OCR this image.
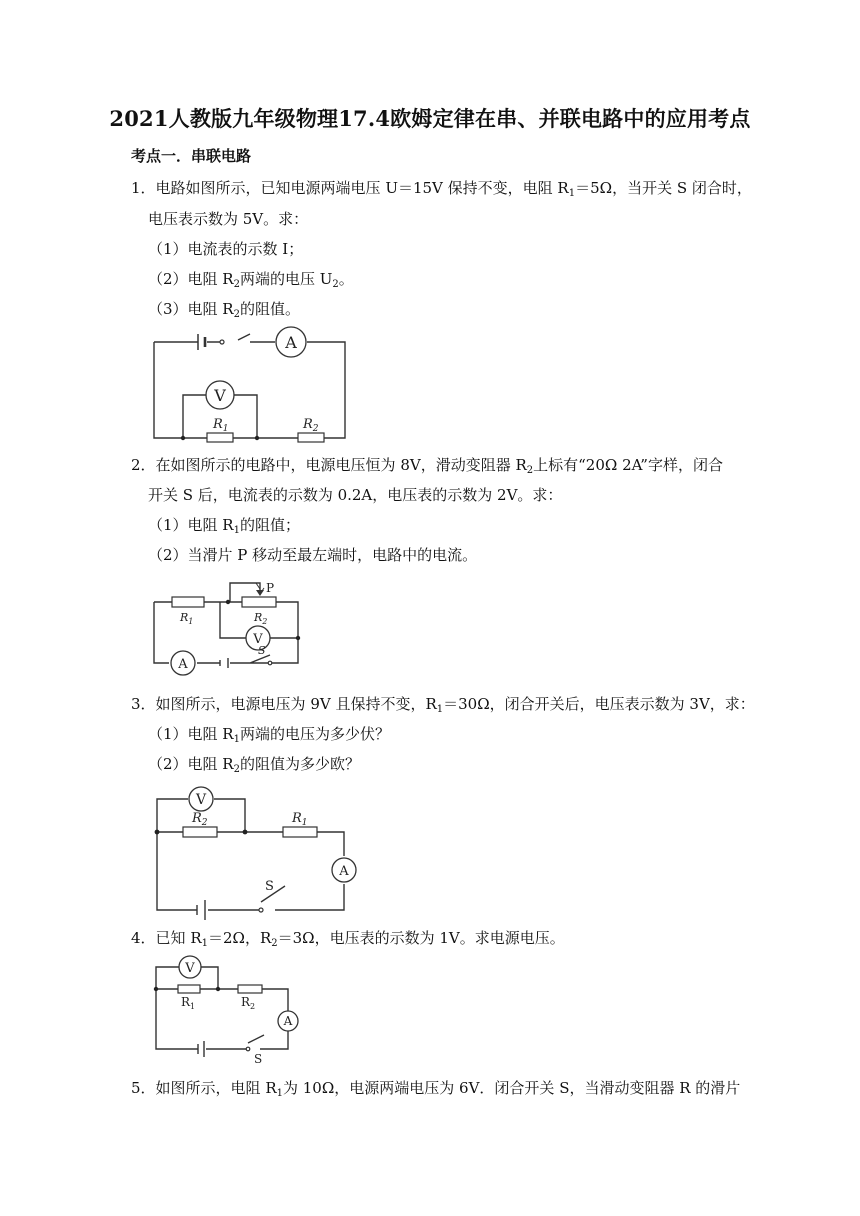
2021人教版九年级物理17.4欧姆定律在串、并联电路中的应用考点
考点一．串联电路
1．电路如图所示，已知电源两端电压 U＝15V 保持不变，电阻 $R_1=5\Omega$，当开关 S 闭合时，
电压表示数为 5V。求：
（1）电流表的示数 I；
（2）电阻 $R_2$两端的电压 $U_2$。
（3）电阻 $R_2$的阻值。
A
V
$R_1$	$R_2$
2．在如图所示的电路中，电源电压恒为 8V，滑动变阻器 $R_2$上标有“20Ω 2A”字样，闭合
开关 S 后，电流表的示数为 0.2A，电压表的示数为 2V。求：
（1）电阻 $R_1$的阻值；
（2）当滑片 P 移动至最左端时，电路中的电流。
P
$R_1$	$R_2$
V
A
S
3．如图所示，电源电压为 9V 且保持不变，$R_1=30\Omega$，闭合开关后，电压表示数为 3V，求：
（1）电阻 $R_1$两端的电压为多少伏？
（2）电阻 $R_2$的阻值为多少欧？
V
$R_2$	$R_1$
A
S
4．已知 $R_1=2\Omega$，$R_2=3\Omega$，电压表的示数为 1V。求电源电压。
V
$R_1$	$R_2$
A
S
5．如图所示，电阻 $R_1$为 10Ω，电源两端电压为 6V．闭合开关 S，当滑动变阻器 R 的滑片
